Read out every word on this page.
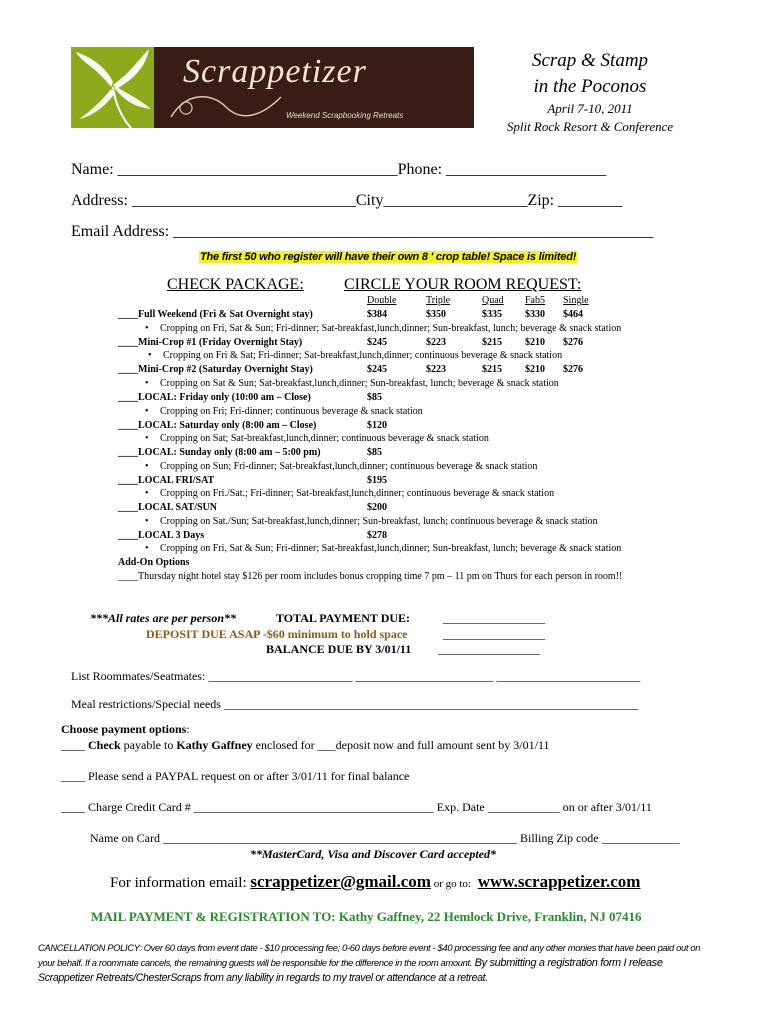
Scrappetizer
Weekend Scrapbooking Retreats
Scrap & Stamp
in the Poconos
April 7-10, 2011
Split Rock Resort & Conference
Name: ___________________________________Phone: ____________________
Address: ____________________________City__________________Zip: ________
Email Address: ____________________________________________________________
The first 50 who register will have their own 8 ' crop table! Space is limited!
CHECK PACKAGE:	CIRCLE YOUR ROOM REQUEST:
Double	Triple	Quad Fab5 Single
____Full Weekend (Fri & Sat Overnight stay)	$384	$350	$335 $330 $464
• Cropping on Fri, Sat & Sun; Fri-dinner; Sat-breakfast,lunch,dinner; Sun-breakfast, lunch; beverage & snack station
____Mini-Crop #1 (Friday Overnight Stay)	$245	$223	$215 $210 $276
• Cropping on Fri & Sat; Fri-dinner; Sat-breakfast,lunch,dinner; continuous beverage & snack station
____Mini-Crop #2 (Saturday Overnight Stay)	$245	$223	$215 $210 $276
• Cropping on Sat & Sun; Sat-breakfast,lunch,dinner; Sun-breakfast, lunch; beverage & snack station
____LOCAL: Friday only (10:00 am – Close)	$85
• Cropping on Fri; Fri-dinner; continuous beverage & snack station
____LOCAL: Saturday only (8:00 am – Close)	$120
• Cropping on Sat; Sat-breakfast,lunch,dinner; continuous beverage & snack station
____LOCAL: Sunday only (8:00 am – 5:00 pm)	$85
• Cropping on Sun; Fri-dinner; Sat-breakfast,lunch,dinner; continuous beverage & snack station
____LOCAL FRI/SAT	$195
• Cropping on Fri./Sat.; Fri-dinner; Sat-breakfast,lunch,dinner; continuous beverage & snack station
____LOCAL SAT/SUN	$200
• Cropping on Sat./Sun; Sat-breakfast,lunch,dinner; Sun-breakfast, lunch; continuous beverage & snack station
____LOCAL 3 Days	$278
• Cropping on Fri, Sat & Sun; Fri-dinner; Sat-breakfast,lunch,dinner; Sun-breakfast, lunch; beverage & snack station
Add-On Options
____Thursday night hotel stay $126 per room includes bonus cropping time 7 pm – 11 pm on Thurs for each person in room!!
***All rates are per person**	TOTAL PAYMENT DUE:	_________________
DEPOSIT DUE ASAP -$60 minimum to hold space	_________________
BALANCE DUE BY 3/01/11 _________________
List Roommates/Seatmates: ________________________ _______________________ ________________________
Meal restrictions/Special needs _____________________________________________________________________
Choose payment options:
____ Check payable to Kathy Gaffney enclosed for ___deposit now and full amount sent by 3/01/11
____ Please send a PAYPAL request on or after 3/01/11 for final balance
____ Charge Credit Card # ________________________________________ Exp. Date ____________ on or after 3/01/11
Name on Card ___________________________________________________________ Billing Zip code _____________
**MasterCard, Visa and Discover Card accepted*
For information email: scrappetizer@gmail.com or go to: www.scrappetizer.com
MAIL PAYMENT & REGISTRATION TO: Kathy Gaffney, 22 Hemlock Drive, Franklin, NJ 07416
CANCELLATION POLICY: Over 60 days from event date - $10 processing fee; 0-60 days before event - $40 processing fee and any other monies that have been paid out on
your behalf. If a roommate cancels, the remaining guests will be responsible for the difference in the room amount. By submitting a registration form I release
Scrappetizer Retreats/ChesterScraps from any liability in regards to my travel or attendance at a retreat.
